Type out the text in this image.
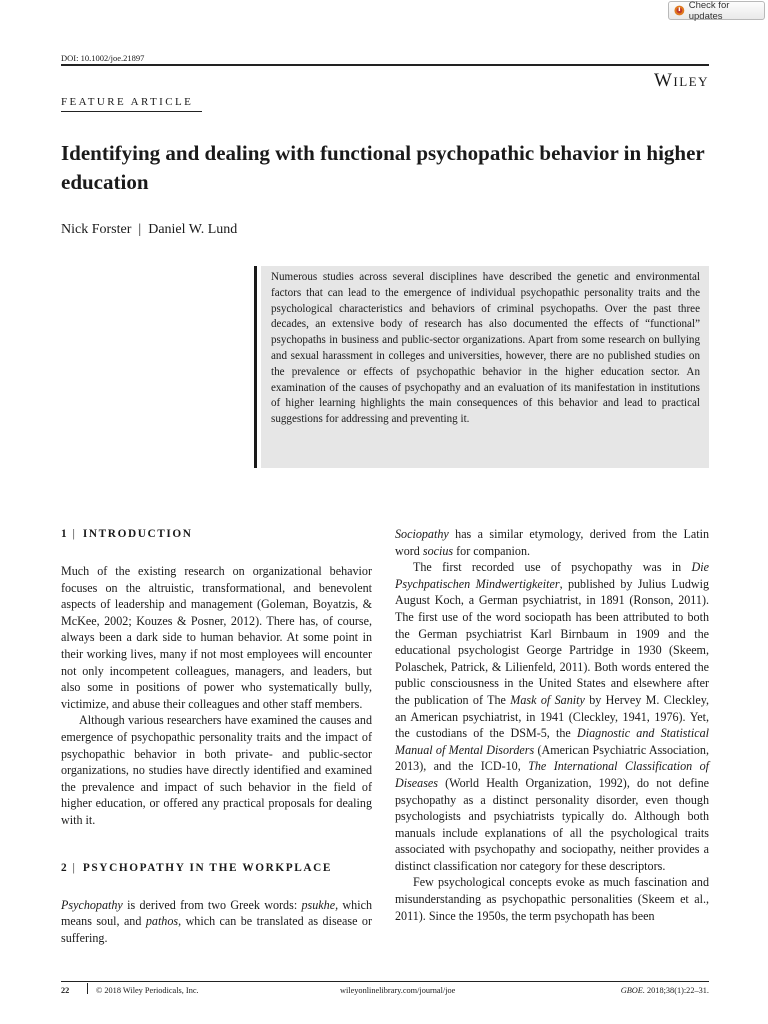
Check for updates
DOI: 10.1002/joe.21897
Wiley
FEATURE ARTICLE
Identifying and dealing with functional psychopathic behavior in higher education
Nick Forster | Daniel W. Lund

Numerous studies across several disciplines have described the genetic and environmental factors that can lead to the emergence of individual psychopathic personality traits and the psychological characteristics and behaviors of criminal psychopaths. Over the past three decades, an extensive body of research has also documented the effects of “functional” psychopaths in business and public-sector organizations. Apart from some research on bullying and sexual harassment in colleges and universities, however, there are no published studies on the prevalence or effects of psychopathic behavior in the higher education sector. An examination of the causes of psychopathy and an evaluation of its manifestation in institutions of higher learning highlights the main consequences of this behavior and lead to practical suggestions for addressing and preventing it.

1 | INTRODUCTION

Much of the existing research on organizational behavior focuses on the altruistic, transformational, and benevolent aspects of leadership and management (Goleman, Boyatzis, & McKee, 2002; Kouzes & Posner, 2012). There has, of course, always been a dark side to human behavior. At some point in their working lives, many if not most employees will encounter not only incompetent colleagues, managers, and leaders, but also some in positions of power who systematically bully, victimize, and abuse their colleagues and other staff members.

Although various researchers have examined the causes and emergence of psychopathic personality traits and the impact of psychopathic behavior in both private- and public-sector organizations, no studies have directly identified and examined the prevalence and impact of such behavior in the field of higher education, or offered any practical proposals for dealing with it.

2 | PSYCHOPATHY IN THE WORKPLACE

Psychopathy is derived from two Greek words: psukhe, which means soul, and pathos, which can be translated as disease or suffering.

Sociopathy has a similar etymology, derived from the Latin word socius for companion.

The first recorded use of psychopathy was in Die Psychpatischen Mindwertigkeiter, published by Julius Ludwig August Koch, a German psychiatrist, in 1891 (Ronson, 2011). The first use of the word sociopath has been attributed to both the German psychiatrist Karl Birnbaum in 1909 and the educational psychologist George Partridge in 1930 (Skeem, Polaschek, Patrick, & Lilienfeld, 2011). Both words entered the public consciousness in the United States and elsewhere after the publication of The Mask of Sanity by Hervey M. Cleckley, an American psychiatrist, in 1941 (Cleckley, 1941, 1976). Yet, the custodians of the DSM-5, the Diagnostic and Statistical Manual of Mental Disorders (American Psychiatric Association, 2013), and the ICD-10, The International Classification of Diseases (World Health Organization, 1992), do not define psychopathy as a distinct personality disorder, even though psychologists and psychiatrists typically do. Although both manuals include explanations of all the psychological traits associated with psychopathy and sociopathy, neither provides a distinct classification nor category for these descriptors.

Few psychological concepts evoke as much fascination and misunderstanding as psychopathic personalities (Skeem et al., 2011). Since the 1950s, the term psychopath has been

22	© 2018 Wiley Periodicals, Inc.	wileyonlinelibrary.com/journal/joe	GBOE. 2018;38(1):22–31.
